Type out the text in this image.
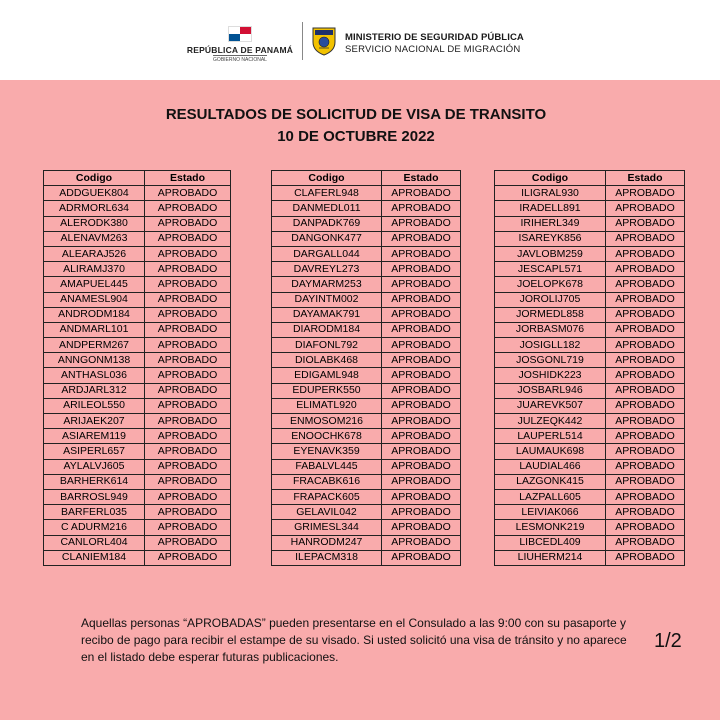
REPÚBLICA DE PANAMÁ
GOBIERNO NACIONAL
MINISTERIO DE SEGURIDAD PÚBLICA
SERVICIO NACIONAL DE MIGRACIÓN
RESULTADOS DE SOLICITUD DE VISA DE TRANSITO
10 DE OCTUBRE 2022
Codigo	Estado
ADDGUEK804	APROBADO
ADRMORL634	APROBADO
ALERODK380	APROBADO
ALENAVM263	APROBADO
ALEARAJ526	APROBADO
ALIRAMJ370	APROBADO
AMAPUEL445	APROBADO
ANAMESL904	APROBADO
ANDRODM184	APROBADO
ANDMARL101	APROBADO
ANDPERM267	APROBADO
ANNGONM138	APROBADO
ANTHASL036	APROBADO
ARDJARL312	APROBADO
ARILEOL550	APROBADO
ARIJAEK207	APROBADO
ASIAREM119	APROBADO
ASIPERL657	APROBADO
AYLALVJ605	APROBADO
BARHERK614	APROBADO
BARROSL949	APROBADO
BARFERL035	APROBADO
C ADURM216	APROBADO
CANLORL404	APROBADO
CLANIEM184	APROBADO
Codigo	Estado
CLAFERL948	APROBADO
DANMEDL011	APROBADO
DANPADK769	APROBADO
DANGONK477	APROBADO
DARGALL044	APROBADO
DAVREYL273	APROBADO
DAYMARM253	APROBADO
DAYINTM002	APROBADO
DAYAMAK791	APROBADO
DIARODM184	APROBADO
DIAFONL792	APROBADO
DIOLABK468	APROBADO
EDIGAML948	APROBADO
EDUPERK550	APROBADO
ELIMATL920	APROBADO
ENMOSOM216	APROBADO
ENOOCHK678	APROBADO
EYENAVK359	APROBADO
FABALVL445	APROBADO
FRACABK616	APROBADO
FRAPACK605	APROBADO
GELAVIL042	APROBADO
GRIMESL344	APROBADO
HANRODM247	APROBADO
ILEPACM318	APROBADO
Codigo	Estado
ILIGRAL930	APROBADO
IRADELL891	APROBADO
IRIHERL349	APROBADO
ISAREYK856	APROBADO
JAVLOBM259	APROBADO
JESCAPL571	APROBADO
JOELOPK678	APROBADO
JOROLIJ705	APROBADO
JORMEDL858	APROBADO
JORBASM076	APROBADO
JOSIGLL182	APROBADO
JOSGONL719	APROBADO
JOSHIDK223	APROBADO
JOSBARL946	APROBADO
JUAREVK507	APROBADO
JULZEQK442	APROBADO
LAUPERL514	APROBADO
LAUMAUK698	APROBADO
LAUDIAL466	APROBADO
LAZGONK415	APROBADO
LAZPALL605	APROBADO
LEIVIAK066	APROBADO
LESMONK219	APROBADO
LIBCEDL409	APROBADO
LIUHERM214	APROBADO
Aquellas personas “APROBADAS” pueden presentarse en el Consulado a las 9:00 con su pasaporte y recibo de pago para recibir el estampe de su visado. Si usted solicitó una visa de tránsito y no aparece en el listado debe esperar futuras publicaciones.
1/2
